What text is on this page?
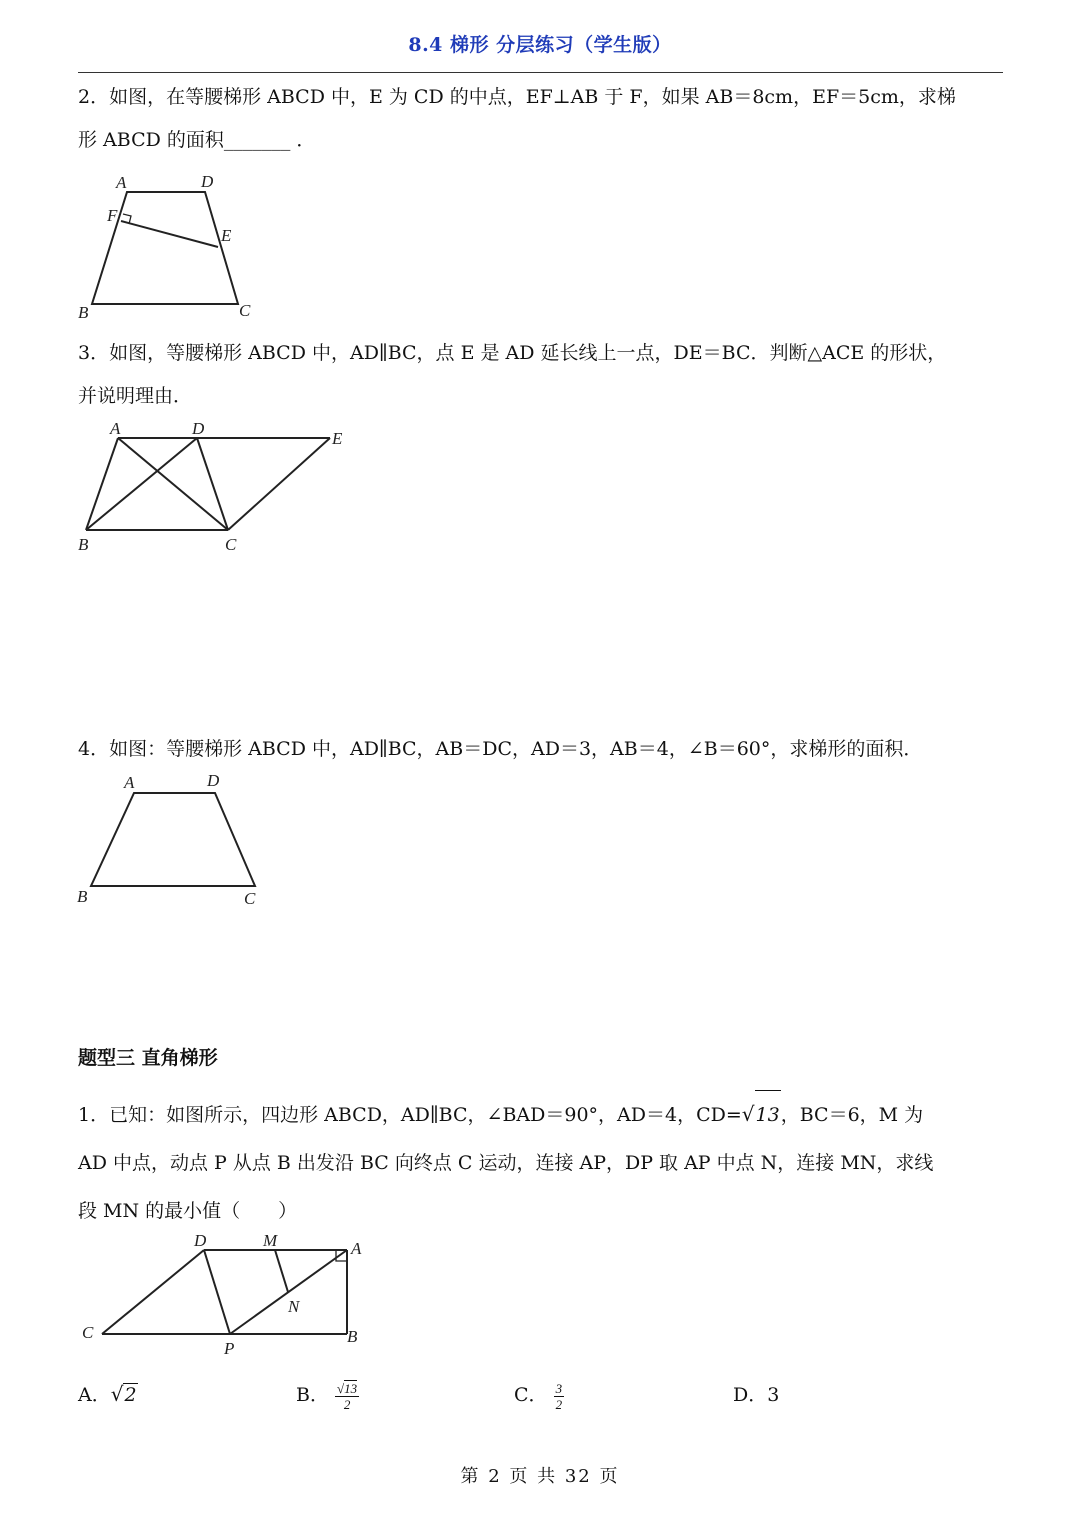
8.4 梯形 分层练习（学生版）
2．如图，在等腰梯形 ABCD 中，E 为 CD 的中点，EF⊥AB 于 F，如果 AB＝8cm，EF＝5cm，求梯
形 ABCD 的面积_______ ．
A	D
F
E
B	C
3．如图，等腰梯形 ABCD 中，AD∥BC，点 E 是 AD 延长线上一点，DE＝BC．判断△ACE 的形状，
并说明理由．
A	D
E
B	C
4．如图：等腰梯形 ABCD 中，AD∥BC，AB＝DC，AD＝3，AB＝4，∠B＝60°，求梯形的面积．
A	D
B	C
题型三 直角梯形
1．已知：如图所示，四边形 ABCD，AD∥BC，∠BAD＝90°，AD＝4，CD=√13，BC＝6，M 为
AD 中点，动点 P 从点 B 出发沿 BC 向终点 C 运动，连接 AP，DP 取 AP 中点 N，连接 MN，求线
段 MN 的最小值（　　）
D	M	A
N
C	B
P
A．√2	B． $\frac{√13}{2}$	C． $\frac{3}{2}$	D．3
第 2 页 共 32 页
